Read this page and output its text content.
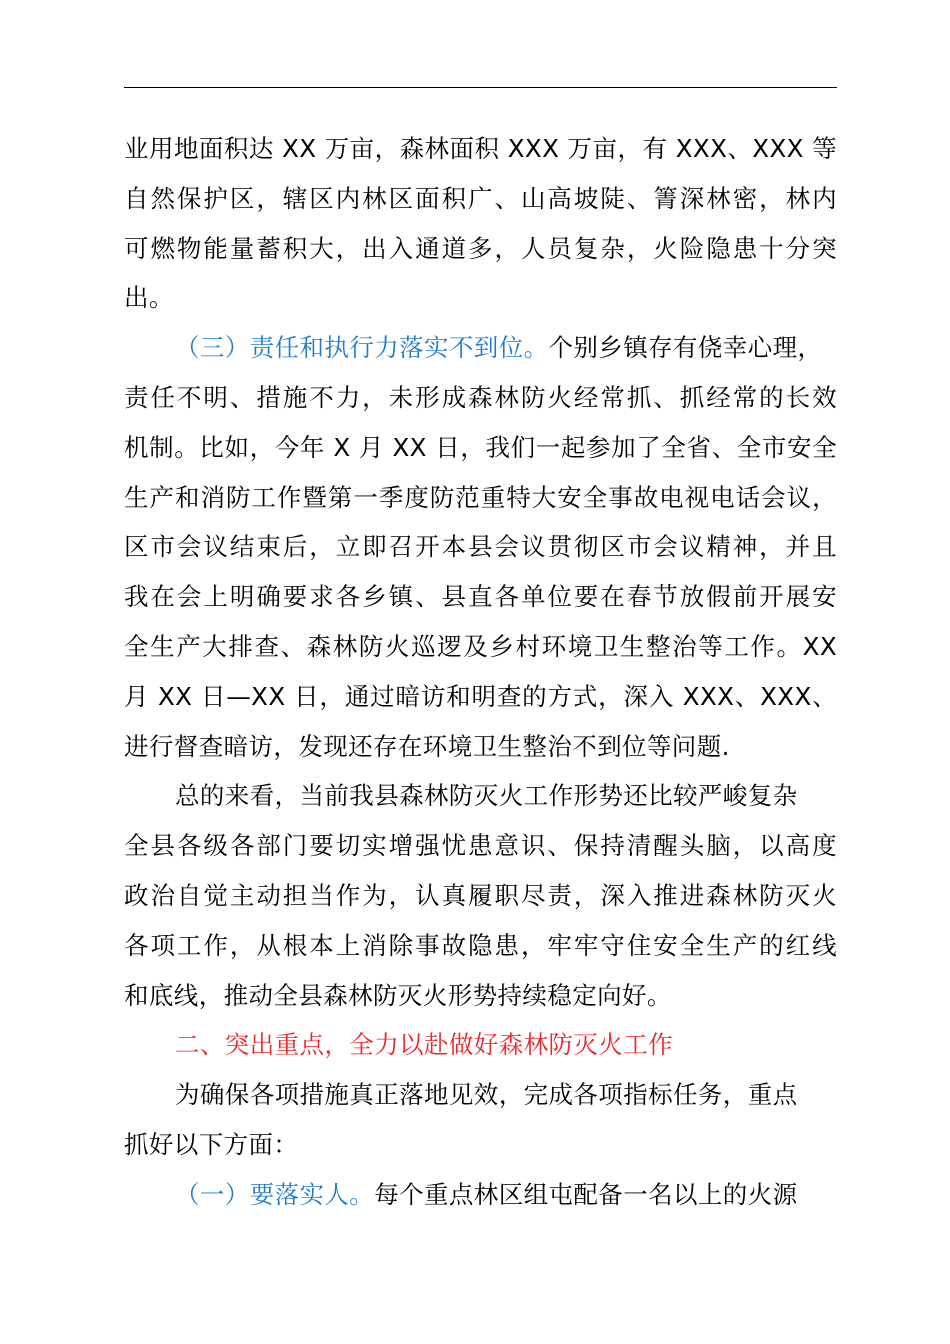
业用地面积达 XX 万亩，森林面积 XXX 万亩，有 XXX、XXX 等
自然保护区，辖区内林区面积广、山高坡陡、箐深林密，林内
可燃物能量蓄积大，出入通道多，人员复杂，火险隐患十分突
出。
（三）责任和执行力落实不到位。个别乡镇存有侥幸心理，
责任不明、措施不力，未形成森林防火经常抓、抓经常的长效
机制。比如，今年 X 月 XX 日，我们一起参加了全省、全市安全
生产和消防工作暨第一季度防范重特大安全事故电视电话会议，
区市会议结束后，立即召开本县会议贯彻区市会议精神，并且
我在会上明确要求各乡镇、县直各单位要在春节放假前开展安
全生产大排查、森林防火巡逻及乡村环境卫生整治等工作。XX
月 XX 日—XX 日，通过暗访和明查的方式，深入 XXX、XXX、
进行督查暗访，发现还存在环境卫生整治不到位等问题.
总的来看，当前我县森林防灭火工作形势还比较严峻复杂
全县各级各部门要切实增强忧患意识、保持清醒头脑，以高度
政治自觉主动担当作为，认真履职尽责，深入推进森林防灭火
各项工作，从根本上消除事故隐患，牢牢守住安全生产的红线
和底线，推动全县森林防灭火形势持续稳定向好。
二、突出重点，全力以赴做好森林防灭火工作
为确保各项措施真正落地见效，完成各项指标任务，重点
抓好以下方面：
（一）要落实人。每个重点林区组屯配备一名以上的火源
